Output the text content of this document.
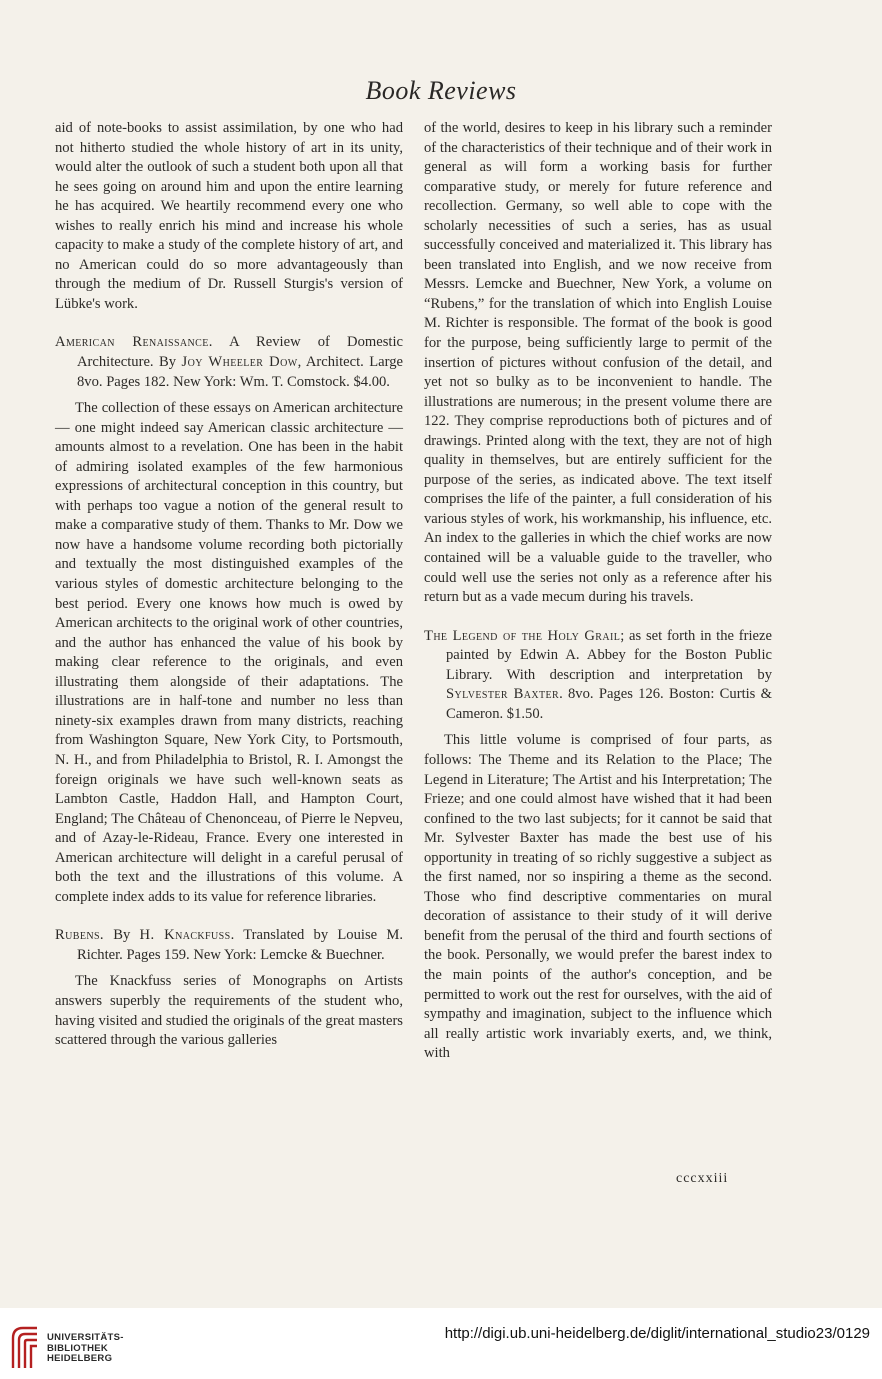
Book Reviews

aid of note-books to assist assimilation, by one who had not hitherto studied the whole history of art in its unity, would alter the outlook of such a student both upon all that he sees going on around him and upon the entire learning he has acquired. We heartily recommend every one who wishes to really enrich his mind and increase his whole capacity to make a study of the complete history of art, and no American could do so more advantageously than through the medium of Dr. Russell Sturgis's version of Lübke's work.

American Renaissance. A Review of Domestic Architecture. By Joy Wheeler Dow, Architect. Large 8vo. Pages 182. New York: Wm. T. Comstock. $4.00.

The collection of these essays on American architecture — one might indeed say American classic architecture — amounts almost to a revelation. One has been in the habit of admiring isolated examples of the few harmonious expressions of architectural conception in this country, but with perhaps too vague a notion of the general result to make a comparative study of them. Thanks to Mr. Dow we now have a handsome volume recording both pictorially and textually the most distinguished examples of the various styles of domestic architecture belonging to the best period. Every one knows how much is owed by American architects to the original work of other countries, and the author has enhanced the value of his book by making clear reference to the originals, and even illustrating them alongside of their adaptations. The illustrations are in half-tone and number no less than ninety-six examples drawn from many districts, reaching from Washington Square, New York City, to Portsmouth, N. H., and from Philadelphia to Bristol, R. I. Amongst the foreign originals we have such well-known seats as Lambton Castle, Haddon Hall, and Hampton Court, England; The Château of Chenonceau, of Pierre le Nepveu, and of Azay-le-Rideau, France. Every one interested in American architecture will delight in a careful perusal of both the text and the illustrations of this volume. A complete index adds to its value for reference libraries.

Rubens. By H. Knackfuss. Translated by Louise M. Richter. Pages 159. New York: Lemcke & Buechner.

The Knackfuss series of Monographs on Artists answers superbly the requirements of the student who, having visited and studied the originals of the great masters scattered through the various galleries

of the world, desires to keep in his library such a reminder of the characteristics of their technique and of their work in general as will form a working basis for further comparative study, or merely for future reference and recollection. Germany, so well able to cope with the scholarly necessities of such a series, has as usual successfully conceived and materialized it. This library has been translated into English, and we now receive from Messrs. Lemcke and Buechner, New York, a volume on “Rubens,” for the translation of which into English Louise M. Richter is responsible. The format of the book is good for the purpose, being sufficiently large to permit of the insertion of pictures without confusion of the detail, and yet not so bulky as to be inconvenient to handle. The illustrations are numerous; in the present volume there are 122. They comprise reproductions both of pictures and of drawings. Printed along with the text, they are not of high quality in themselves, but are entirely sufficient for the purpose of the series, as indicated above. The text itself comprises the life of the painter, a full consideration of his various styles of work, his workmanship, his influence, etc. An index to the galleries in which the chief works are now contained will be a valuable guide to the traveller, who could well use the series not only as a reference after his return but as a vade mecum during his travels.

The Legend of the Holy Grail; as set forth in the frieze painted by Edwin A. Abbey for the Boston Public Library. With description and interpretation by Sylvester Baxter. 8vo. Pages 126. Boston: Curtis & Cameron. $1.50.

This little volume is comprised of four parts, as follows: The Theme and its Relation to the Place; The Legend in Literature; The Artist and his Interpretation; The Frieze; and one could almost have wished that it had been confined to the two last subjects; for it cannot be said that Mr. Sylvester Baxter has made the best use of his opportunity in treating of so richly suggestive a subject as the first named, nor so inspiring a theme as the second. Those who find descriptive commentaries on mural decoration of assistance to their study of it will derive benefit from the perusal of the third and fourth sections of the book. Personally, we would prefer the barest index to the main points of the author's conception, and be permitted to work out the rest for ourselves, with the aid of sympathy and imagination, subject to the influence which all really artistic work invariably exerts, and, we think, with

cccxxiii
UNIVERSITÄTS-
BIBLIOTHEK
HEIDELBERG
http://digi.ub.uni-heidelberg.de/diglit/international_studio23/0129
